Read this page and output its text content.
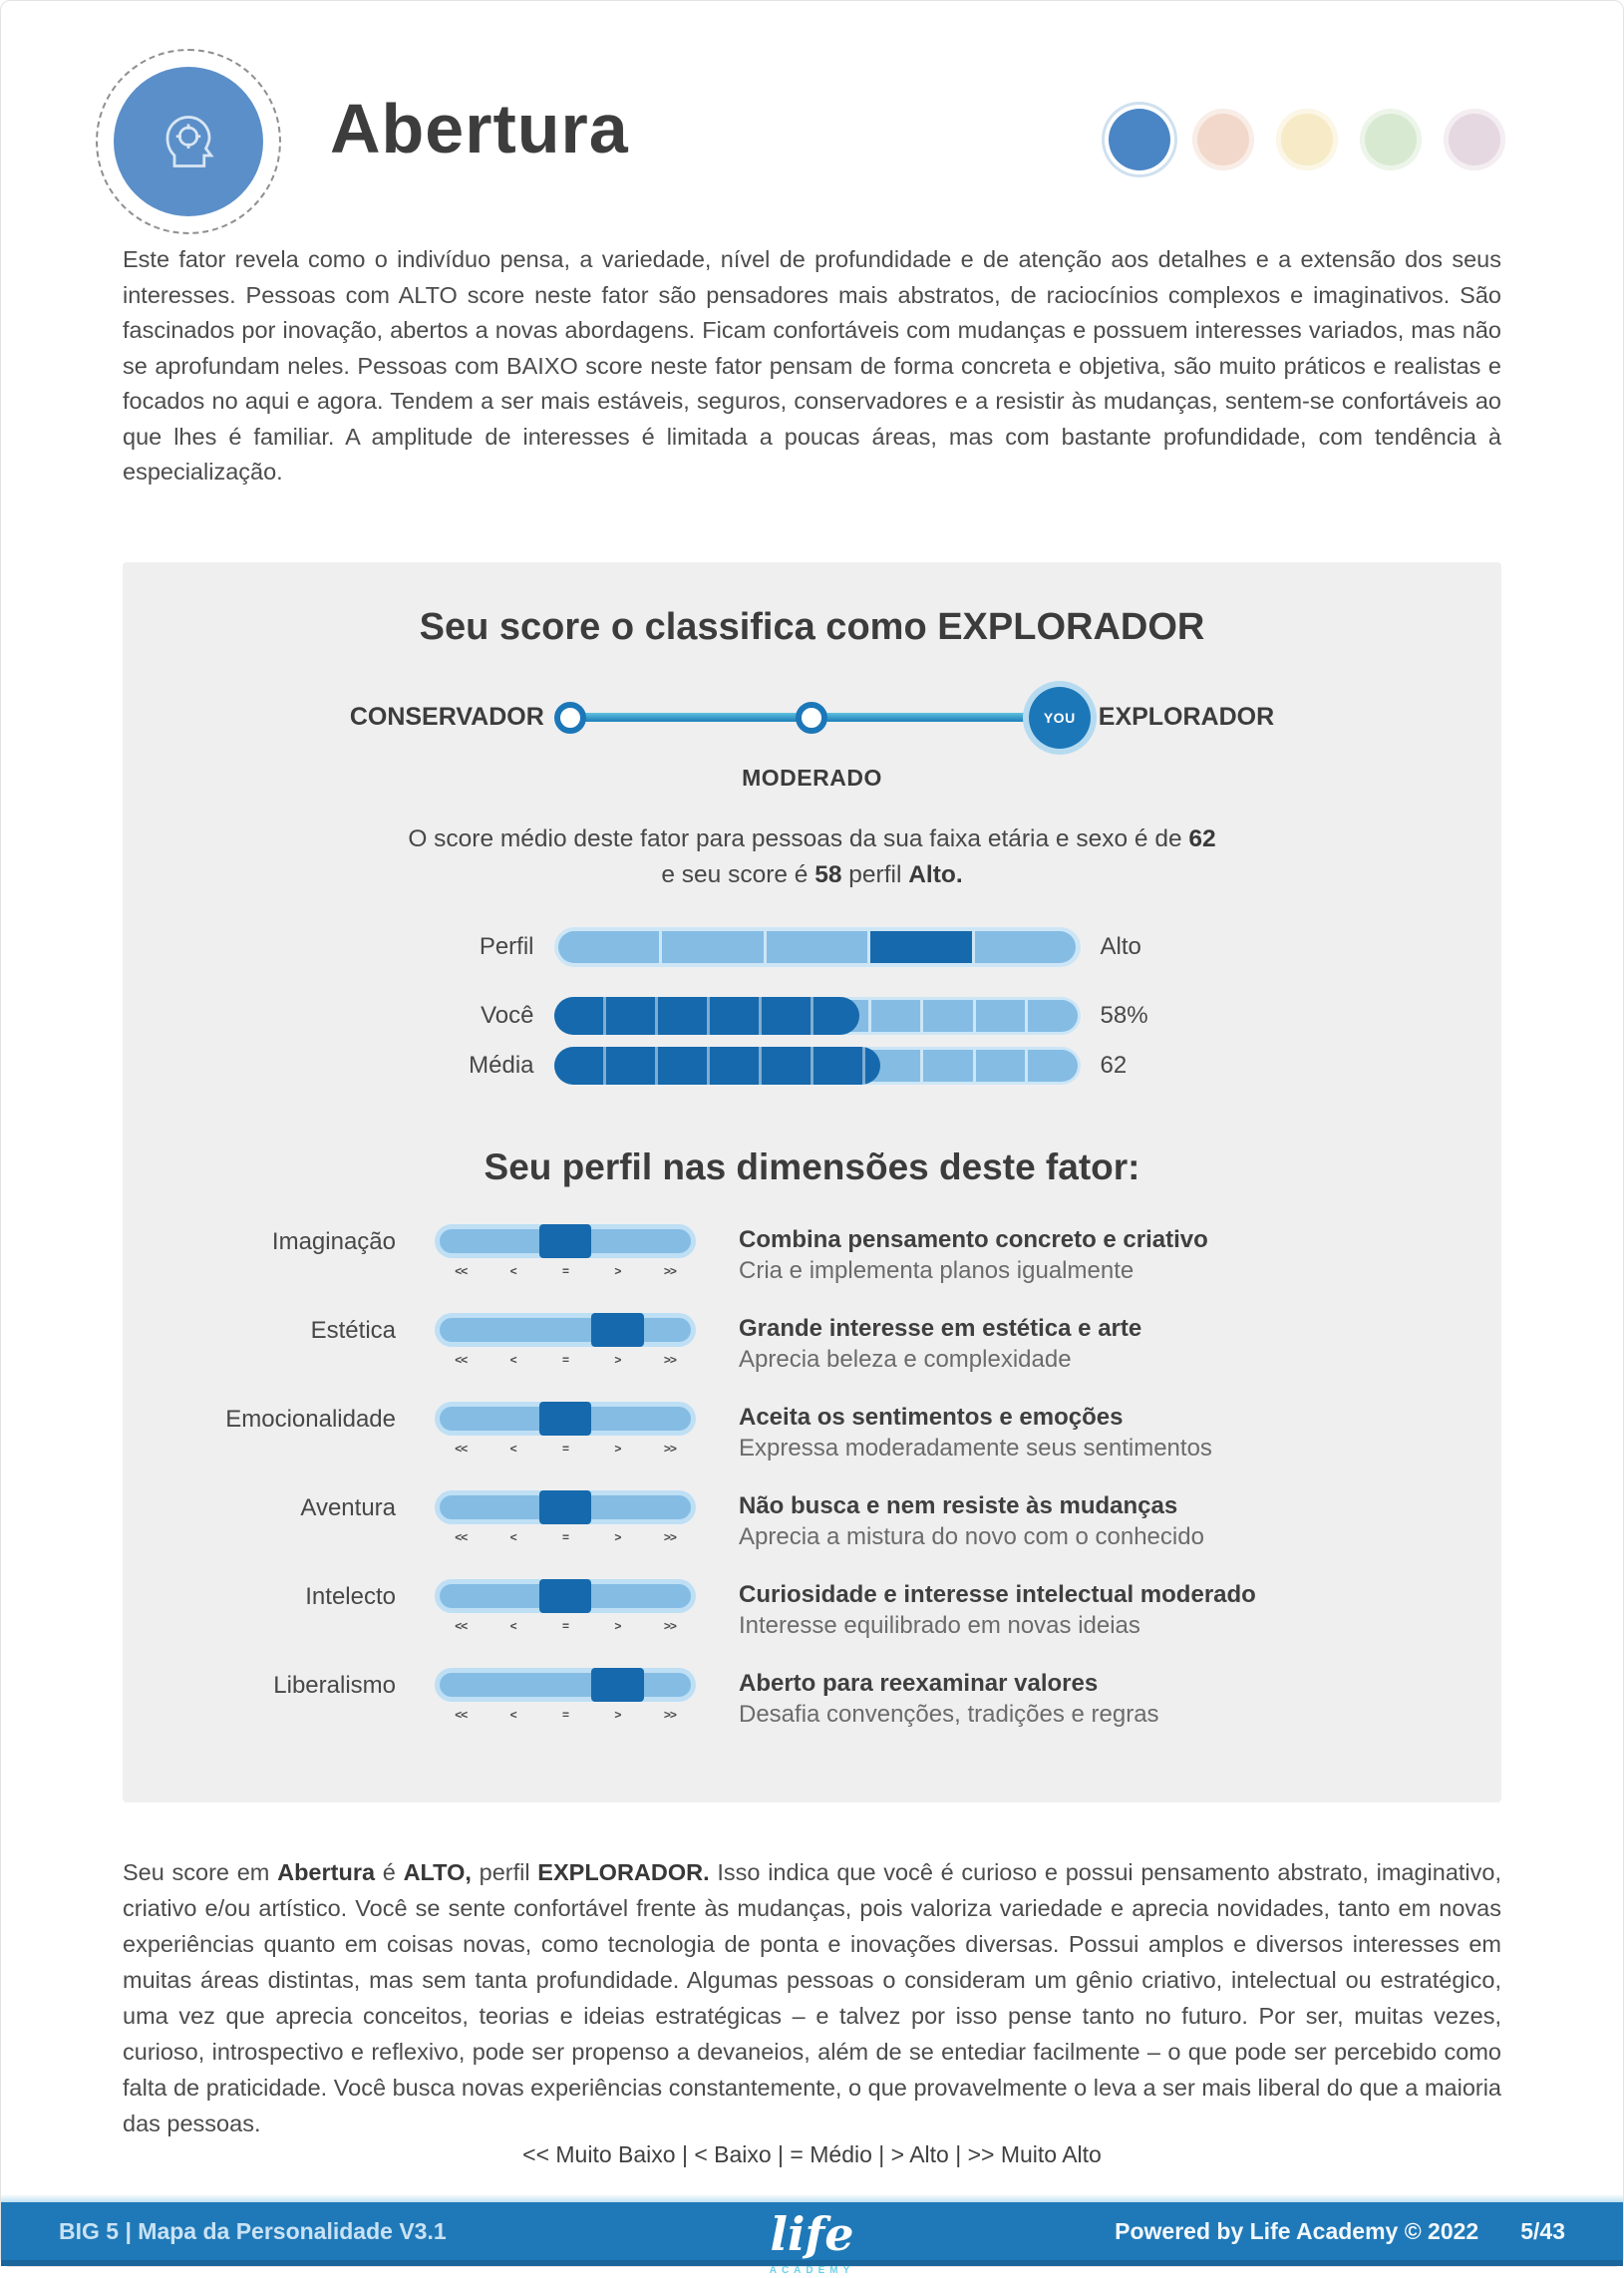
Abertura

Este fator revela como o indivíduo pensa, a variedade, nível de profundidade e de atenção aos detalhes e a extensão dos seus interesses. Pessoas com ALTO score neste fator são pensadores mais abstratos, de raciocínios complexos e imaginativos. São fascinados por inovação, abertos a novas abordagens. Ficam confortáveis com mudanças e possuem interesses variados, mas não se aprofundam neles. Pessoas com BAIXO score neste fator pensam de forma concreta e objetiva, são muito práticos e realistas e focados no aqui e agora. Tendem a ser mais estáveis, seguros, conservadores e a resistir às mudanças, sentem-se confortáveis ao que lhes é familiar. A amplitude de interesses é limitada a poucas áreas, mas com bastante profundidade, com tendência à especialização.

Seu score o classifica como EXPLORADOR
CONSERVADOR	YOU EXPLORADOR
MODERADO
O score médio deste fator para pessoas da sua faixa etária e sexo é de 62
e seu score é 58 perfil Alto.
Perfil	Alto
Você	58%
Média	62
Seu perfil nas dimensões deste fator:
Imaginação
<<	<	=	>	>>
Combina pensamento concreto e criativo
Cria e implementa planos igualmente
Estética
<<	<	=	>	>>
Grande interesse em estética e arte
Aprecia beleza e complexidade
Emocionalidade
<<	<	=	>	>>
Aceita os sentimentos e emoções
Expressa moderadamente seus sentimentos
Aventura
<<	<	=	>	>>
Não busca e nem resiste às mudanças
Aprecia a mistura do novo com o conhecido
Intelecto
<<	<	=	>	>>
Curiosidade e interesse intelectual moderado
Interesse equilibrado em novas ideias
Liberalismo
<<	<	=	>	>>
Aberto para reexaminar valores
Desafia convenções, tradições e regras

Seu score em Abertura é ALTO, perfil EXPLORADOR. Isso indica que você é curioso e possui pensamento abstrato, imaginativo, criativo e/ou artístico. Você se sente confortável frente às mudanças, pois valoriza variedade e aprecia novidades, tanto em novas experiências quanto em coisas novas, como tecnologia de ponta e inovações diversas. Possui amplos e diversos interesses em muitas áreas distintas, mas sem tanta profundidade. Algumas pessoas o consideram um gênio criativo, intelectual ou estratégico, uma vez que aprecia conceitos, teorias e ideias estratégicas – e talvez por isso pense tanto no futuro. Por ser, muitas vezes, curioso, introspectivo e reflexivo, pode ser propenso a devaneios, além de se entediar facilmente – o que pode ser percebido como falta de praticidade. Você busca novas experiências constantemente, o que provavelmente o leva a ser mais liberal do que a maioria das pessoas.

<< Muito Baixo | < Baixo | = Médio | > Alto | >> Muito Alto
BIG 5 | Mapa da Personalidade V3.1	life
ACADEMY
Powered by Life Academy © 2022 5/43
